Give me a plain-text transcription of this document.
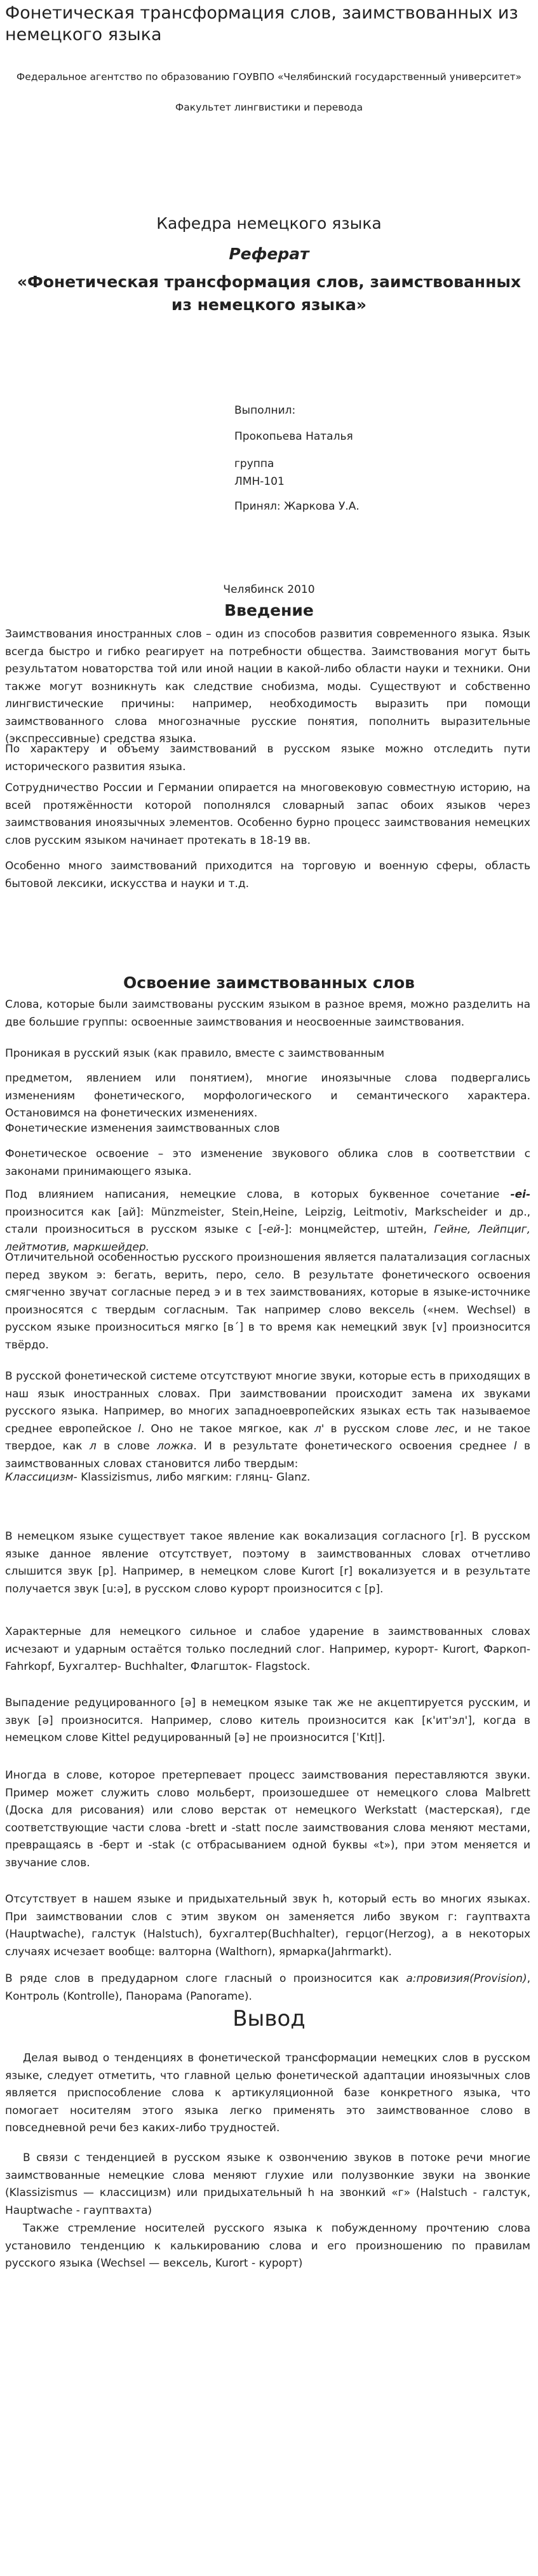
Фонетическая трансформация слов, заимствованных из немецкого языка
Федеральное агентство по образованию ГОУВПО «Челябинский государственный университет»
Факультет лингвистики и перевода
Кафедра немецкого языка
Реферат
«Фонетическая трансформация слов, заимствованных из немецкого языка»
Выполнил:
Прокопьева Наталья
группа
ЛМН-101
Принял: Жаркова У.А.
Челябинск 2010
Введение

Заимствования иностранных слов – один из способов развития современного языка. Язык всегда быстро и гибко реагирует на потребности общества. Заимствования могут быть результатом новаторства той или иной нации в какой-либо области науки и техники. Они также могут возникнуть как следствие снобизма, моды. Существуют и собственно лингвистические причины: например, необходимость выразить при помощи заимствованного слова многозначные русские понятия, пополнить выразительные (экспрессивные) средства языка.

По характеру и объему заимствований в русском языке можно отследить пути исторического развития языка.

Сотрудничество России и Германии опирается на многовековую совместную историю, на всей протяжённости которой пополнялся словарный запас обоих языков через заимствования иноязычных элементов. Особенно бурно процесс заимствования немецких слов русским языком начинает протекать в 18-19 вв.

Особенно много заимствований приходится на торговую и военную сферы, область бытовой лексики, искусства и науки и т.д.

Освоение заимствованных слов

Слова, которые были заимствованы русским языком в разное время, можно разделить на две большие группы: освоенные заимствования и неосвоенные заимствования.

Проникая в русский язык (как правило, вместе с заимствованным

предметом, явлением или понятием), многие иноязычные слова подвергались изменениям фонетического, морфологического и семантического характера. Остановимся на фонетических изменениях.

Фонетические изменения заимствованных слов

Фонетическое освоение – это изменение звукового облика слов в соответствии с законами принимающего языка.

Под влиянием написания, немецкие слова, в которых буквенное сочетание -ei- произносится как [ай]: Münzmeister, Stein,Heine, Leipzig, Leitmotiv, Markscheider и др., стали произноситься в русском языке с [-ей-]: монцмейстер, штейн, Гейне, Лейпциг, лейтмотив, маркшейдер.

Отличительной особенностью русского произношения является палатализация согласных перед звуком э: бегать, верить, перо, село. В результате фонетического освоения смягченно звучат согласные перед э и в тех заимствованиях, которые в языке-источнике произносятся с твердым согласным. Так например слово вексель («нем. Wechsel) в русском языке произноситься мягко [в´] в то время как немецкий звук [v] произносится твёрдо.

В русской фонетической системе отсутствуют многие звуки, которые есть в приходящих в наш язык иностранных словах. При заимствовании происходит замена их звуками русского языка. Например, во многих западноевропейских языках есть так называемое среднее европейское l. Оно не такое мягкое, как л' в русском слове лес, и не такое твердое, как л в слове ложка. И в результате фонетического освоения среднее l в заимствованных словах становится либо твердым:

Классицизм- Klassizismus, либо мягким: глянц- Glanz.

В немецком языке существует такое явление как вокализация согласного [r]. В русском языке данное явление отсутствует, поэтому в заимствованных словах отчетливо слышится звук [р]. Например, в немецком слове Kurort [r] вокализуется и в результате получается звук [uːǝ], в русском слово курорт произносится с [р].

Характерные для немецкого сильное и слабое ударение в заимствованных словах исчезают и ударным остаётся только последний слог. Например, курорт- Kurort, Фаркоп- Fahrkopf, Бухгалтер- Buchhalter, Флагшток- Flagstock.

Выпадение редуцированного [ǝ] в немецком языке так же не акцептируется русским, и звук [ǝ] произносится. Например, слово китель произносится как [к'ит'эл'], когда в немецком слове Kittel редуцированный [ǝ] не произносится [ˈKɪtl̩].

Иногда в слове, которое претерпевает процесс заимствования переставляются звуки. Пример может служить слово мольберт, произошедшее от немецкого слова Malbrett (Доска для рисования) или слово верстак от немецкого Werkstatt (мастерская), где соответствующие части слова -brett и -statt после заимствования слова меняют местами, превращаясь в -берт и -stak (с отбрасыванием одной буквы «t»), при этом меняется и звучание слов.

Отсутствует в нашем языке и придыхательный звук h, который есть во многих языках. При заимствовании слов с этим звуком он заменяется либо звуком г: гауптвахта (Hauptwache), галстук (Halstuch), бухгалтер(Buchhalter), герцог(Herzog), а в некоторых случаях исчезает вообще: валторна (Walthorn), ярмарка(Jahrmarkt).

В ряде слов в предударном слоге гласный о произносится как а:провизия(Provision), Контроль (Kontrolle), Панорама (Panorame).

Вывод

Делая вывод о тенденциях в фонетической трансформации немецких слов в русском языке, следует отметить, что главной целью фонетической адаптации иноязычных слов является приспособление слова к артикуляционной базе конкретного языка, что помогает носителям этого языка легко применять это заимствованное слово в повседневной речи без каких-либо трудностей.

В связи с тенденцией в русском языке к озвончению звуков в потоке речи многие заимствованные немецкие слова меняют глухие или полузвонкие звуки на звонкие (Klassizismus — классицизм) или придыхательный h на звонкий «г» (Halstuch - галстук, Hauptwache - гауптвахта)

Также стремление носителей русского языка к побужденному прочтению слова установило тенденцию к калькированию слова и его произношению по правилам русского языка (Wechsel — вексель, Kurort - курорт)
